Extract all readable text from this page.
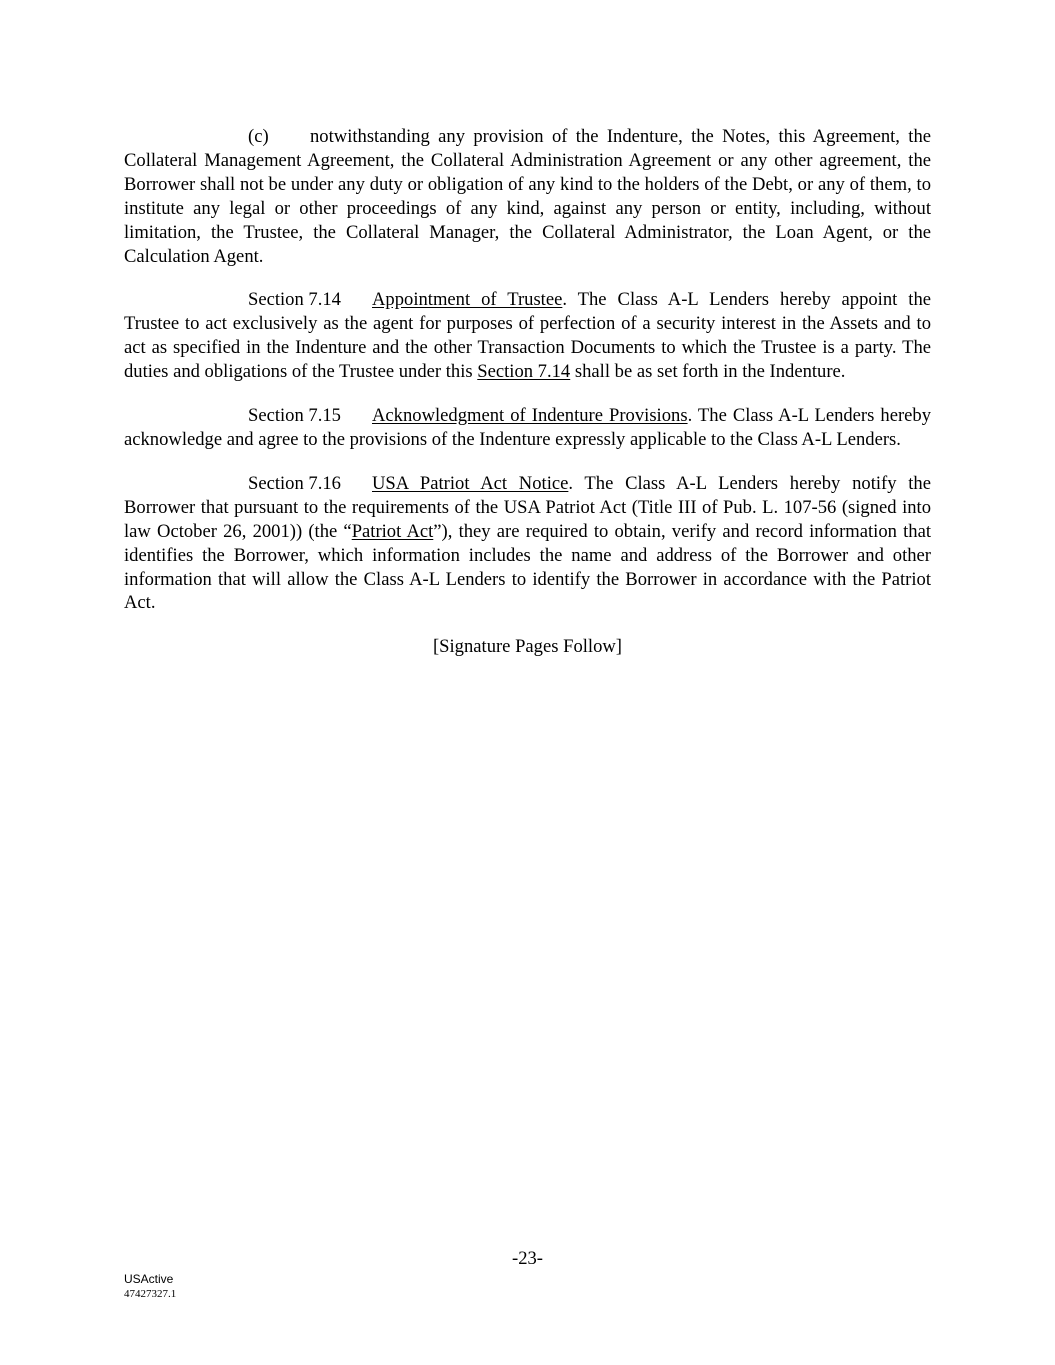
(c) notwithstanding any provision of the Indenture, the Notes, this Agreement, the Collateral Management Agreement, the Collateral Administration Agreement or any other agreement, the Borrower shall not be under any duty or obligation of any kind to the holders of the Debt, or any of them, to institute any legal or other proceedings of any kind, against any person or entity, including, without limitation, the Trustee, the Collateral Manager, the Collateral Administrator, the Loan Agent, or the Calculation Agent.

Section 7.14 Appointment of Trustee. The Class A-L Lenders hereby appoint the Trustee to act exclusively as the agent for purposes of perfection of a security interest in the Assets and to act as specified in the Indenture and the other Transaction Documents to which the Trustee is a party. The duties and obligations of the Trustee under this Section 7.14 shall be as set forth in the Indenture.

Section 7.15 Acknowledgment of Indenture Provisions. The Class A-L Lenders hereby acknowledge and agree to the provisions of the Indenture expressly applicable to the Class A-L Lenders.

Section 7.16 USA Patriot Act Notice. The Class A-L Lenders hereby notify the Borrower that pursuant to the requirements of the USA Patriot Act (Title III of Pub. L. 107-56 (signed into law October 26, 2001)) (the “Patriot Act”), they are required to obtain, verify and record information that identifies the Borrower, which information includes the name and address of the Borrower and other information that will allow the Class A-L Lenders to identify the Borrower in accordance with the Patriot Act.

[Signature Pages Follow]

-23-
USActive
47427327.1
